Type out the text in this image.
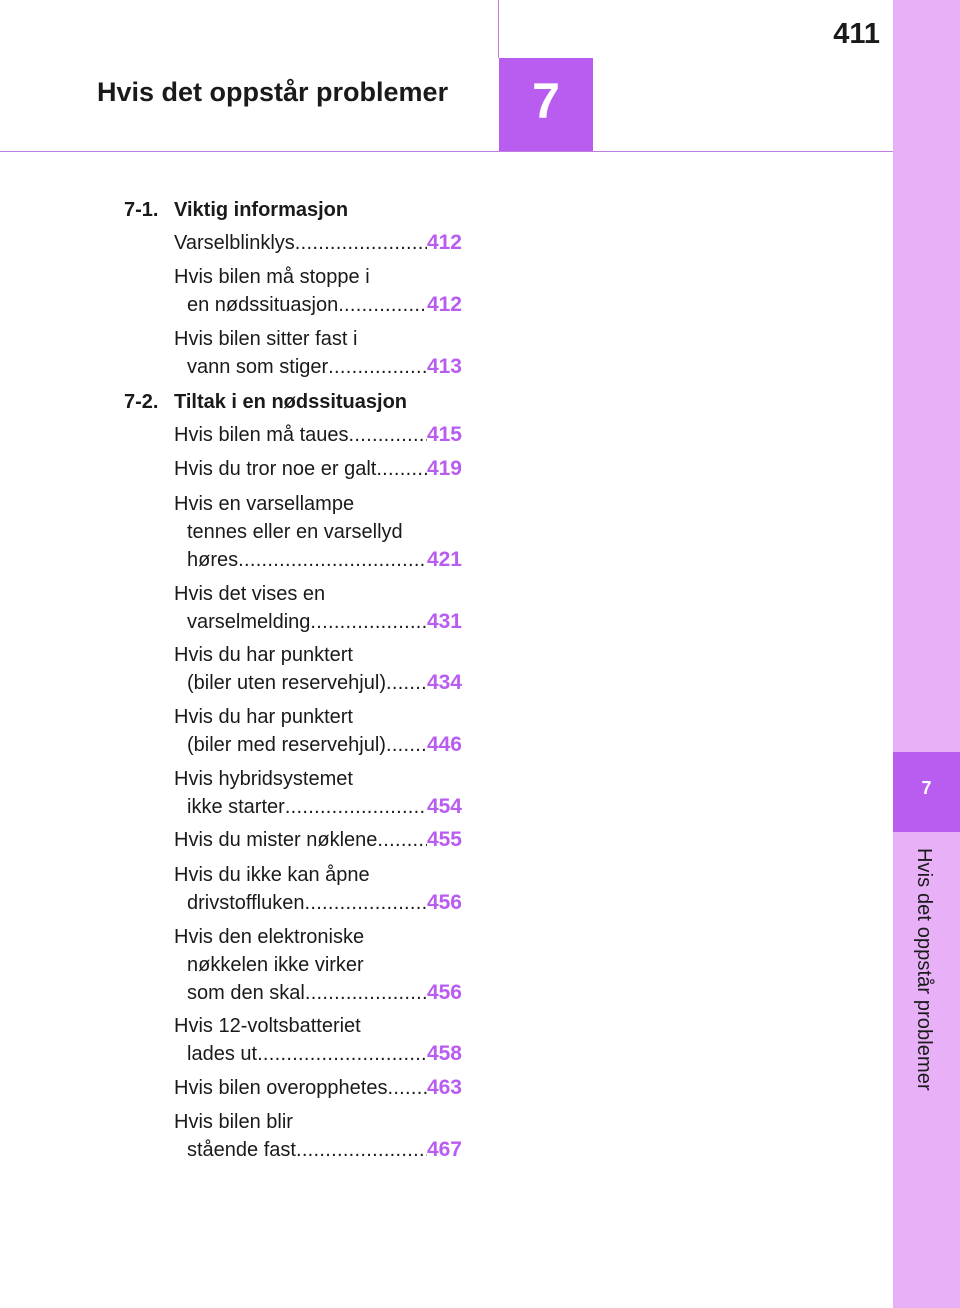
7
Hvis det oppstår problemer
7
411
Hvis det oppstår problemer
7-1. Viktig informasjon
Varselblinklys .....	412
Hvis bilen må stoppe i
en nødssituasjon .....	412
Hvis bilen sitter fast i
vann som stiger .....	413
7-2. Tiltak i en nødssituasjon
Hvis bilen må taues .....	415
Hvis du tror noe er galt ..... 419
Hvis en varsellampe
tennes eller en varsellyd
høres .....	421
Hvis det vises en
varselmelding .....	431
Hvis du har punktert
(biler uten reservehjul) ..... 434
Hvis du har punktert
(biler med reservehjul) ..... 446
Hvis hybridsystemet
ikke starter .....	454
Hvis du mister nøklene ..... 455
Hvis du ikke kan åpne
drivstoffluken .....	456
Hvis den elektroniske
nøkkelen ikke virker
som den skal .....	456
Hvis 12-voltsbatteriet
lades ut .....	458
Hvis bilen overopphetes ..... 463
Hvis bilen blir
stående fast .....	467
